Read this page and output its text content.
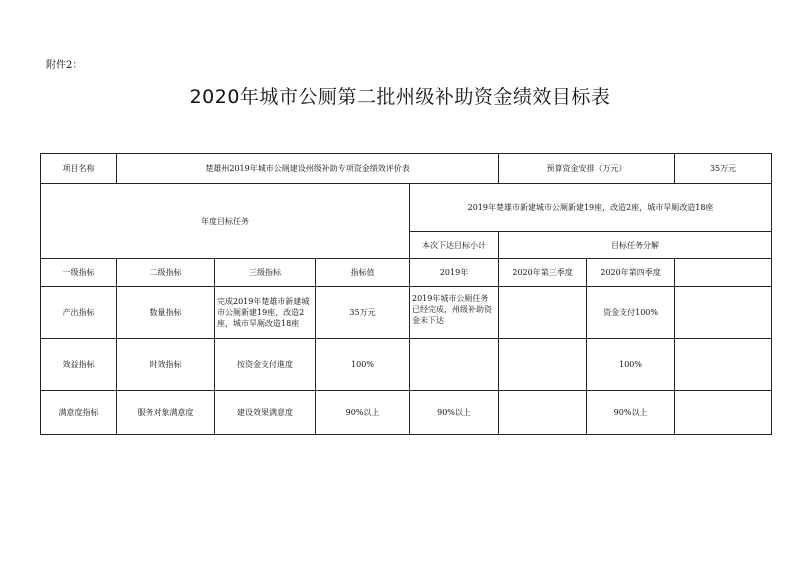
附件2：
2020年城市公厕第二批州级补助资金绩效目标表
项目名称	楚雄州2019年城市公厕建设州级补助专项资金绩效评价表				预算资金安排（万元）		35万元
年度目标任务				2019年楚雄市新建城市公厕新建19座，改造2座，城市旱厕改造18座			
				本次下达目标小计	目标任务分解		
一级指标	二级指标	三级指标	指标值	2019年	2020年第三季度	2020年第四季度	
产出指标	数量指标	完成2019年楚雄市新建城市公厕新建19座，改造2座，城市旱厕改造18座	35万元	2019年城市公厕任务已经完成，州级补助资金未下达		资金支付100%	
效益指标	时效指标	按资金支付進度	100%			100%	
满意度指标	服务对象满意度	建设效果满意度	90%以上	90%以上		90%以上	
